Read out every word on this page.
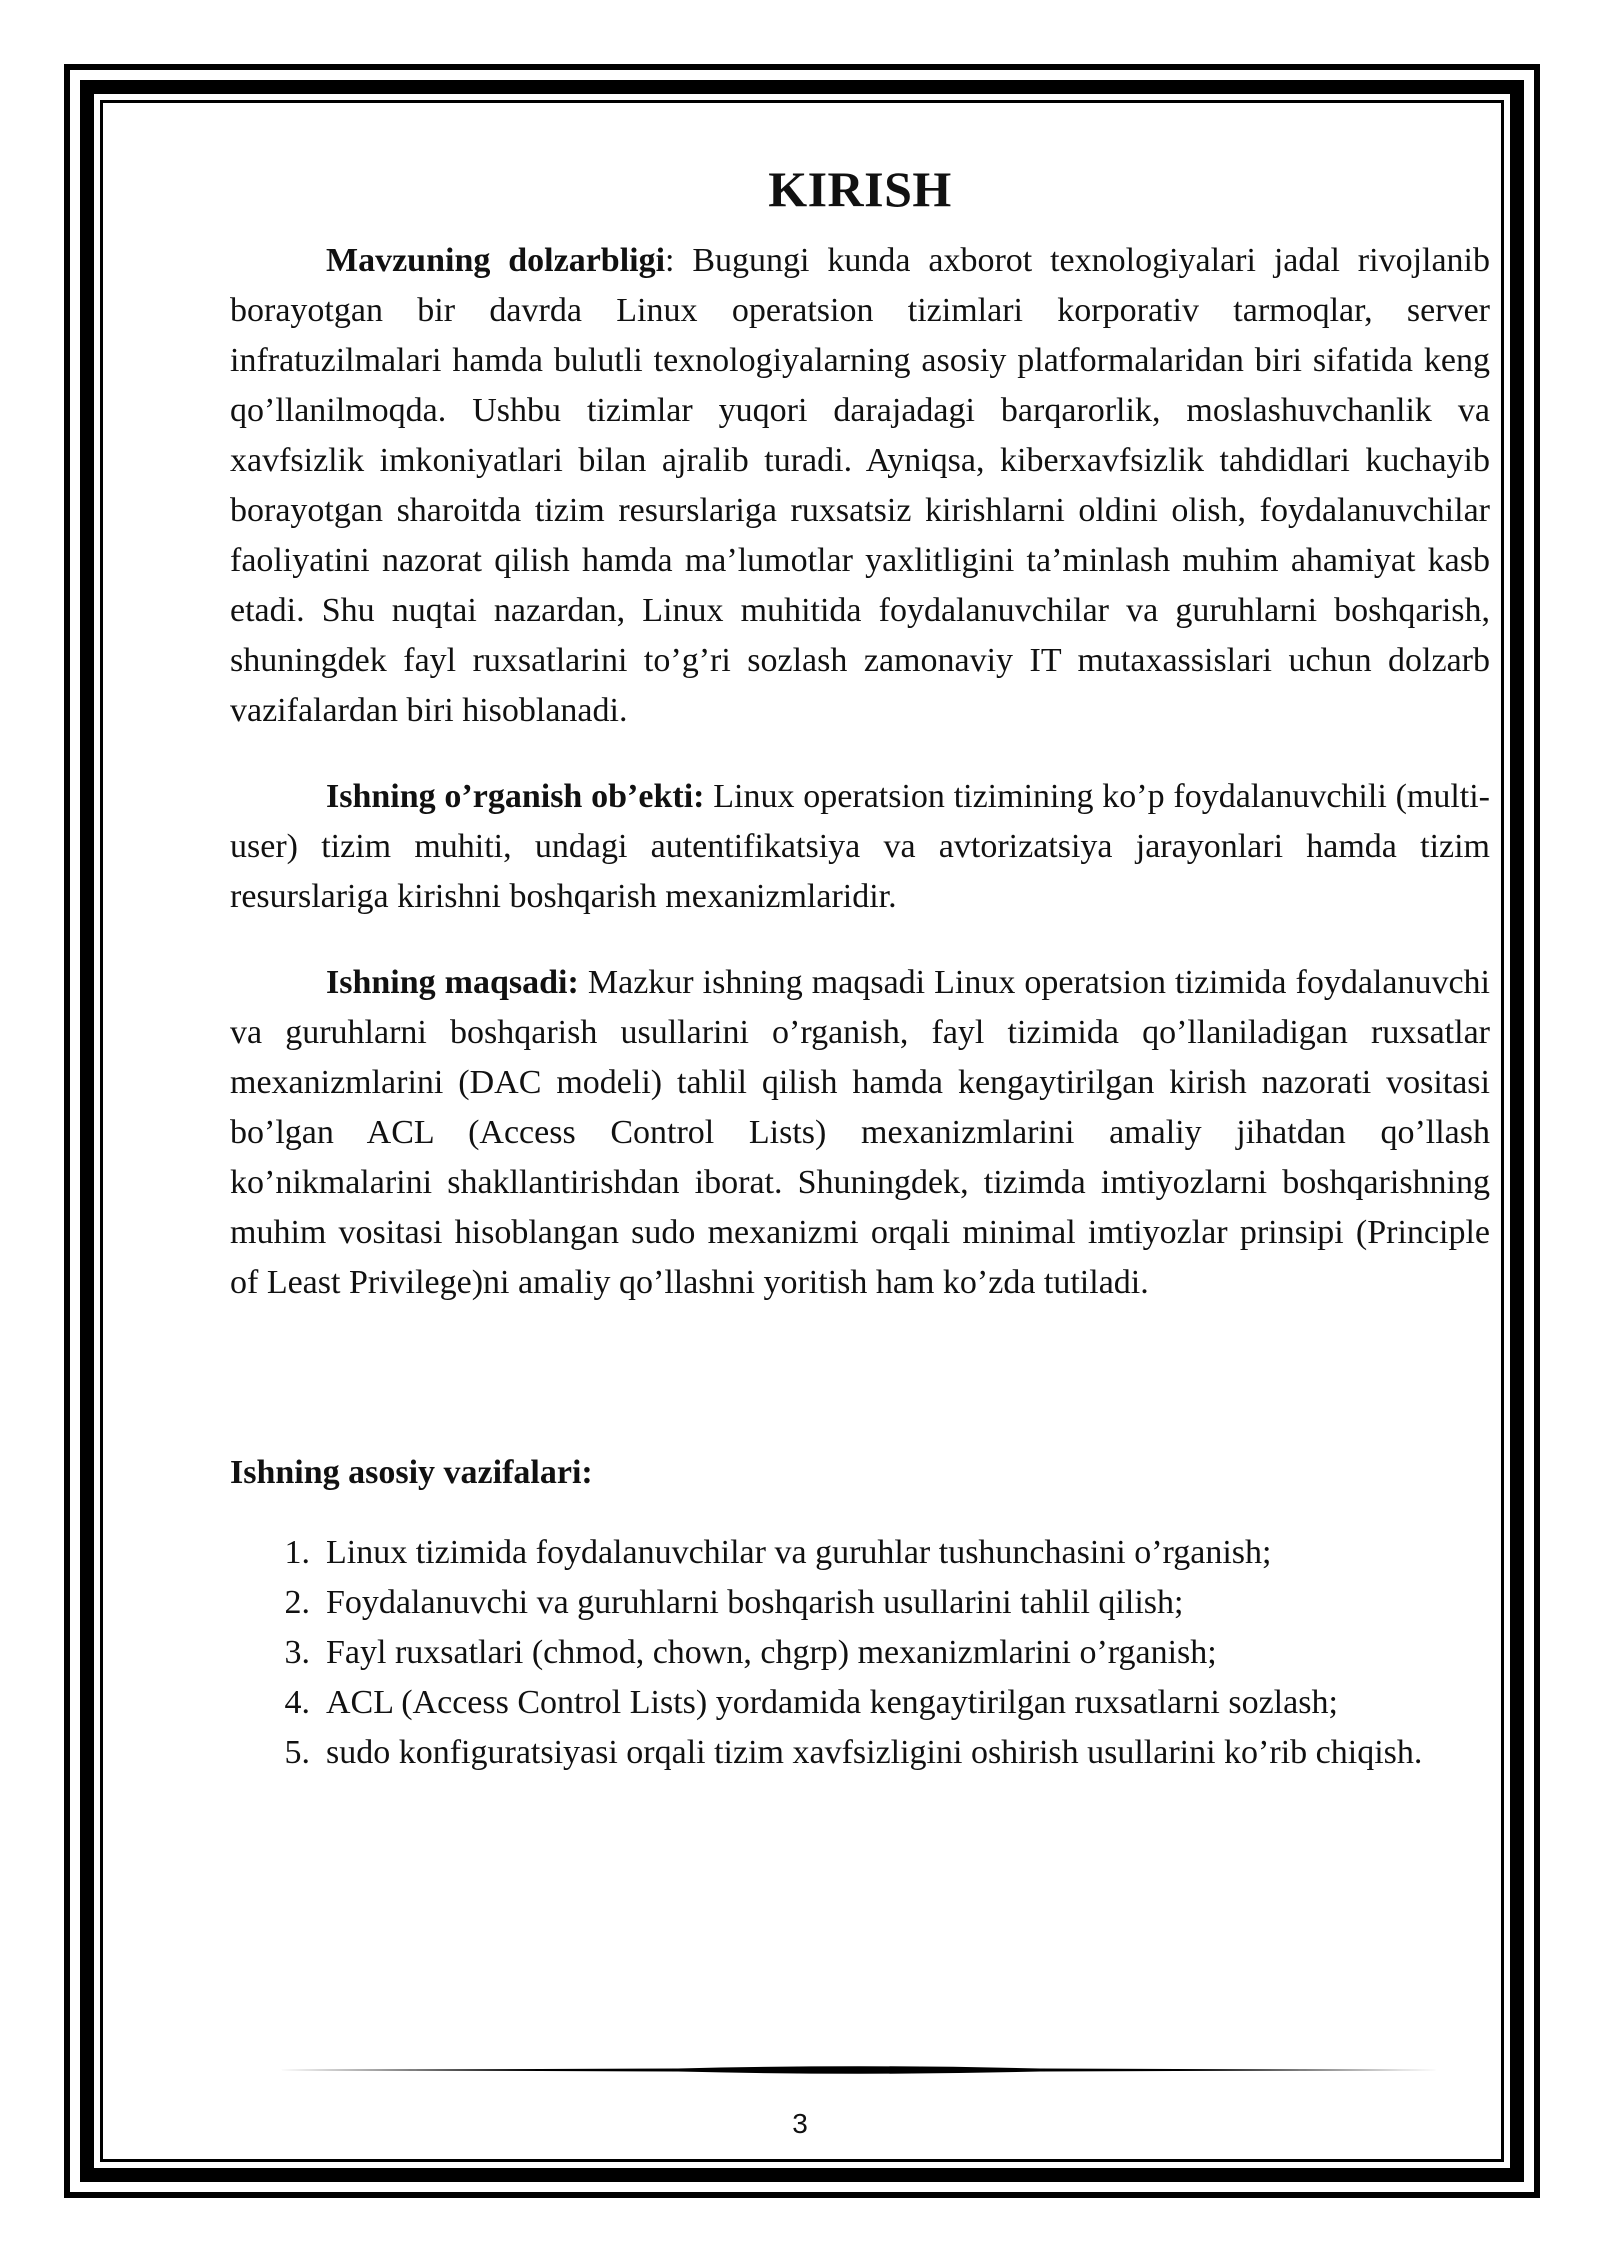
KIRISH

Mavzuning dolzarbligi: Bugungi kunda axborot texnologiyalari jadal rivojlanib borayotgan bir davrda Linux operatsion tizimlari korporativ tarmoqlar, server infratuzilmalari hamda bulutli texnologiyalarning asosiy platformalaridan biri sifatida keng qo’llanilmoqda. Ushbu tizimlar yuqori darajadagi barqarorlik, moslashuvchanlik va xavfsizlik imkoniyatlari bilan ajralib turadi. Ayniqsa, kiberxavfsizlik tahdidlari kuchayib borayotgan sharoitda tizim resurslariga ruxsatsiz kirishlarni oldini olish, foydalanuvchilar faoliyatini nazorat qilish hamda ma’lumotlar yaxlitligini ta’minlash muhim ahamiyat kasb etadi. Shu nuqtai nazardan, Linux muhitida foydalanuvchilar va guruhlarni boshqarish, shuningdek fayl ruxsatlarini to’g’ri sozlash zamonaviy IT mutaxassislari uchun dolzarb vazifalardan biri hisoblanadi.

Ishning o’rganish ob’ekti: Linux operatsion tizimining ko’p foydalanuvchili (multi-user) tizim muhiti, undagi autentifikatsiya va avtorizatsiya jarayonlari hamda tizim resurslariga kirishni boshqarish mexanizmlaridir.

Ishning maqsadi: Mazkur ishning maqsadi Linux operatsion tizimida foydalanuvchi va guruhlarni boshqarish usullarini o’rganish, fayl tizimida qo’llaniladigan ruxsatlar mexanizmlarini (DAC modeli) tahlil qilish hamda kengaytirilgan kirish nazorati vositasi bo’lgan ACL (Access Control Lists) mexanizmlarini amaliy jihatdan qo’llash ko’nikmalarini shakllantirishdan iborat. Shuningdek, tizimda imtiyozlarni boshqarishning muhim vositasi hisoblangan sudo mexanizmi orqali minimal imtiyozlar prinsipi (Principle of Least Privilege)ni amaliy qo’llashni yoritish ham ko’zda tutiladi.

Ishning asosiy vazifalari:
1. Linux tizimida foydalanuvchilar va guruhlar tushunchasini o’rganish;
2. Foydalanuvchi va guruhlarni boshqarish usullarini tahlil qilish;
3. Fayl ruxsatlari (chmod, chown, chgrp) mexanizmlarini o’rganish;
4. ACL (Access Control Lists) yordamida kengaytirilgan ruxsatlarni sozlash;
5. sudo konfiguratsiyasi orqali tizim xavfsizligini oshirish usullarini ko’rib chiqish.
3
